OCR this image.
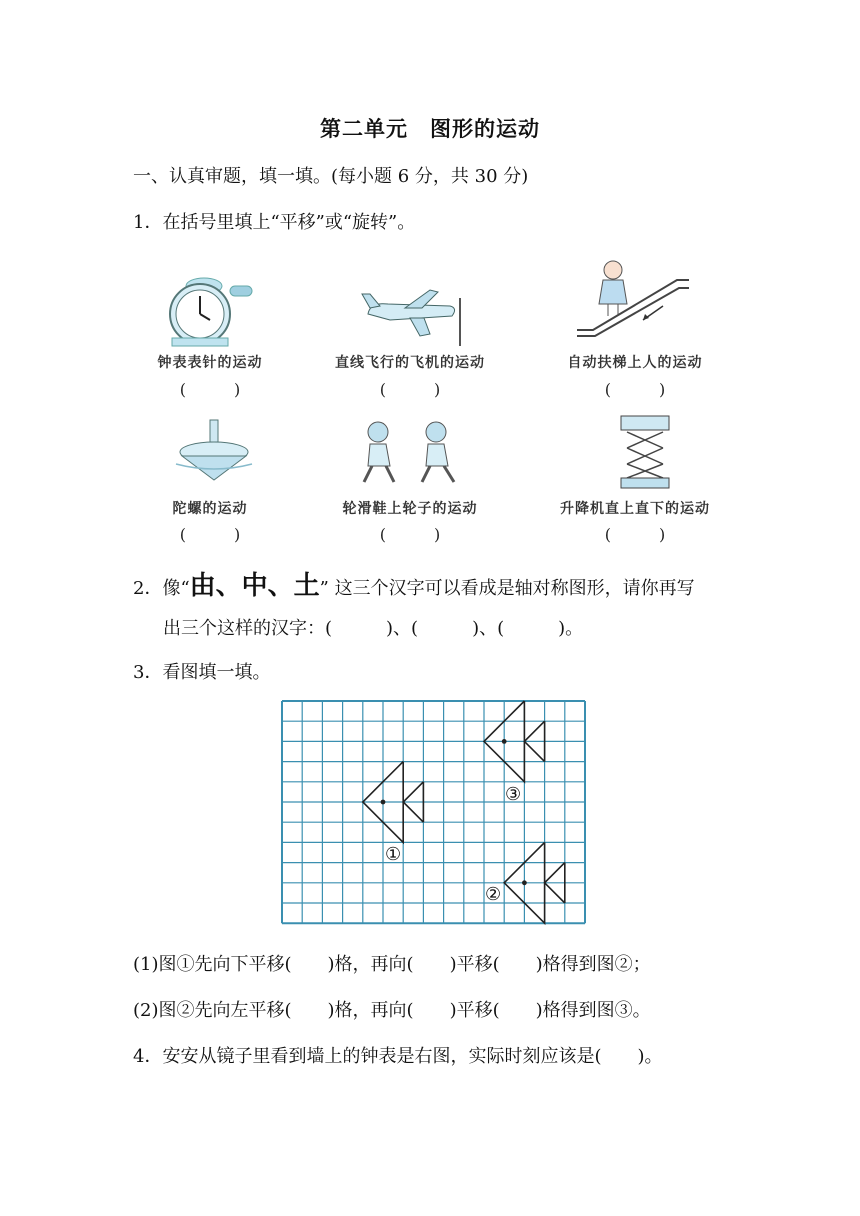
第二单元　图形的运动
一、认真审题，填一填。(每小题 6 分，共 30 分)
1．在括号里填上“平移”或“旋转”。
钟表表针的运动	直线飞行的飞机的运动	自动扶梯上人的运动
(　　　)	(　　　)	(　　　)
陀螺的运动	轮滑鞋上轮子的运动	升降机直上直下的运动
(　　　)	(　　　)	(　　　)
2．像“由、中、土” 这三个汉字可以看成是轴对称图形，请你再写
出三个这样的汉字：(　　　)、(　　　)、(　　　)。
3．看图填一填。
①
②
③
(1)图①先向下平移(　　)格，再向(　　)平移(　　)格得到图②；
(2)图②先向左平移(　　)格，再向(　　)平移(　　)格得到图③。
4．安安从镜子里看到墙上的钟表是右图，实际时刻应该是(　　)。
